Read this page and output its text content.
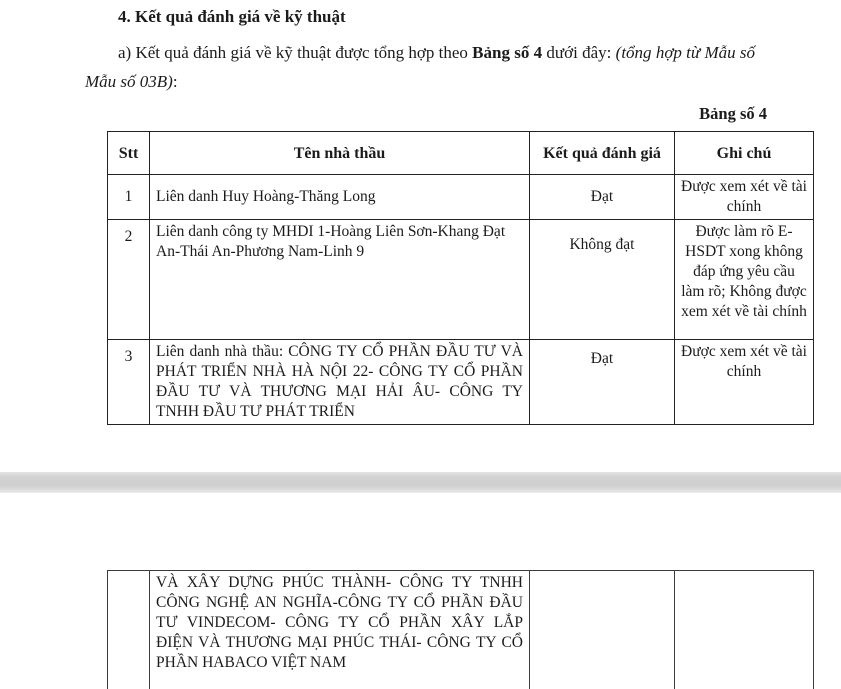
4. Kết quả đánh giá về kỹ thuật
a) Kết quả đánh giá về kỹ thuật được tổng hợp theo Bảng số 4 dưới đây: (tổng hợp từ Mẫu số Mẫu số 03B):
Bảng số 4
Stt	Tên nhà thầu	Kết quả đánh giá	Ghi chú
1	Liên danh Huy Hoàng-Thăng Long	Đạt	Được xem xét về tài chính
2	Liên danh công ty MHDI 1-Hoàng Liên Sơn-Khang Đạt An-Thái An-Phương Nam-Linh 9	Không đạt	Được làm rõ E-HSDT xong không đáp ứng yêu cầu làm rõ; Không được xem xét về tài chính
3	Liên danh nhà thầu: CÔNG TY CỔ PHẦN ĐẦU TƯ VÀ PHÁT TRIỂN NHÀ HÀ NỘI 22- CÔNG TY CỔ PHẦN ĐẦU TƯ VÀ THƯƠNG MẠI HẢI ÂU- CÔNG TY TNHH ĐẦU TƯ PHÁT TRIỂN	Đạt	Được xem xét về tài chính
	VÀ XÂY DỰNG PHÚC THÀNH- CÔNG TY TNHH CÔNG NGHỆ AN NGHĨA-CÔNG TY CỔ PHẦN ĐẦU TƯ VINDECOM- CÔNG TY CỔ PHẦN XÂY LẮP ĐIỆN VÀ THƯƠNG MẠI PHÚC THÁI- CÔNG TY CỔ PHẦN HABACO VIỆT NAM		
